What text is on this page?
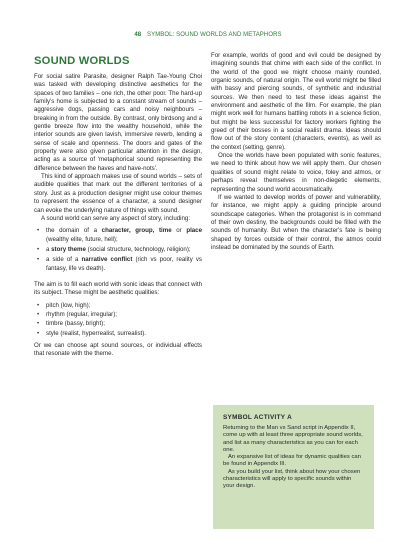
48 SYMBOL: SOUND WORLDS AND METAPHORS
SOUND WORLDS

For social satire Parasite, designer Ralph Tae-Young Choi was tasked with developing distinctive aesthetics for the spaces of two families – one rich, the other poor. The hard-up family's home is subjected to a constant stream of sounds – aggressive dogs, passing cars and noisy neighbours – breaking in from the outside. By contrast, only birdsong and a gentle breeze flow into the wealthy household, while the interior sounds are given lavish, immersive reverb, lending a sense of scale and openness. The doors and gates of the property were also given particular attention in the design, acting as a source of 'metaphorical sound representing the difference between the haves and have-nots'.

This kind of approach makes use of sound worlds – sets of audible qualities that mark out the different territories of a story. Just as a production designer might use colour themes to represent the essence of a character, a sound designer can evoke the underlying nature of things with sound.

A sound world can serve any aspect of story, including:

• the domain of a character, group, time or place (wealthy elite, future, hell);
• a story theme (social structure, technology, religion);
• a side of a narrative conflict (rich vs poor, reality vs fantasy, life vs death).

The aim is to fill each world with sonic ideas that connect with its subject. These might be aesthetic qualities:

• pitch (low, high);
• rhythm (regular, irregular);
• timbre (bassy, bright);
• style (realist, hyperrealist, surrealist).

Or we can choose apt sound sources, or individual effects that resonate with the theme.

For example, worlds of good and evil could be designed by imagining sounds that chime with each side of the conflict. In the world of the good we might choose mainly rounded, organic sounds, of natural origin. The evil world might be filled with bassy and piercing sounds, of synthetic and industrial sources. We then need to test these ideas against the environment and aesthetic of the film. For example, the plan might work well for humans battling robots in a science fiction, but might be less successful for factory workers fighting the greed of their bosses in a social realist drama. Ideas should flow out of the story content (characters, events), as well as the context (setting, genre).

Once the worlds have been populated with sonic features, we need to think about how we will apply them. Our chosen qualities of sound might relate to voice, foley and atmos, or perhaps reveal themselves in non-diegetic elements, representing the sound world acousmatically.

If we wanted to develop worlds of power and vulnerability, for instance, we might apply a guiding principle around soundscape categories. When the protagonist is in command of their own destiny, the backgrounds could be filled with the sounds of humanity. But when the character's fate is being shaped by forces outside of their control, the atmos could instead be dominated by the sounds of Earth.

SYMBOL ACTIVITY A

Returning to the Man vs Sand script in Appendix II, come up with at least three appropriate sound worlds, and list as many characteristics as you can for each one.

An expansive list of ideas for dynamic qualities can be found in Appendix III.

As you build your list, think about how your chosen characteristics will apply to specific sounds within your design.
